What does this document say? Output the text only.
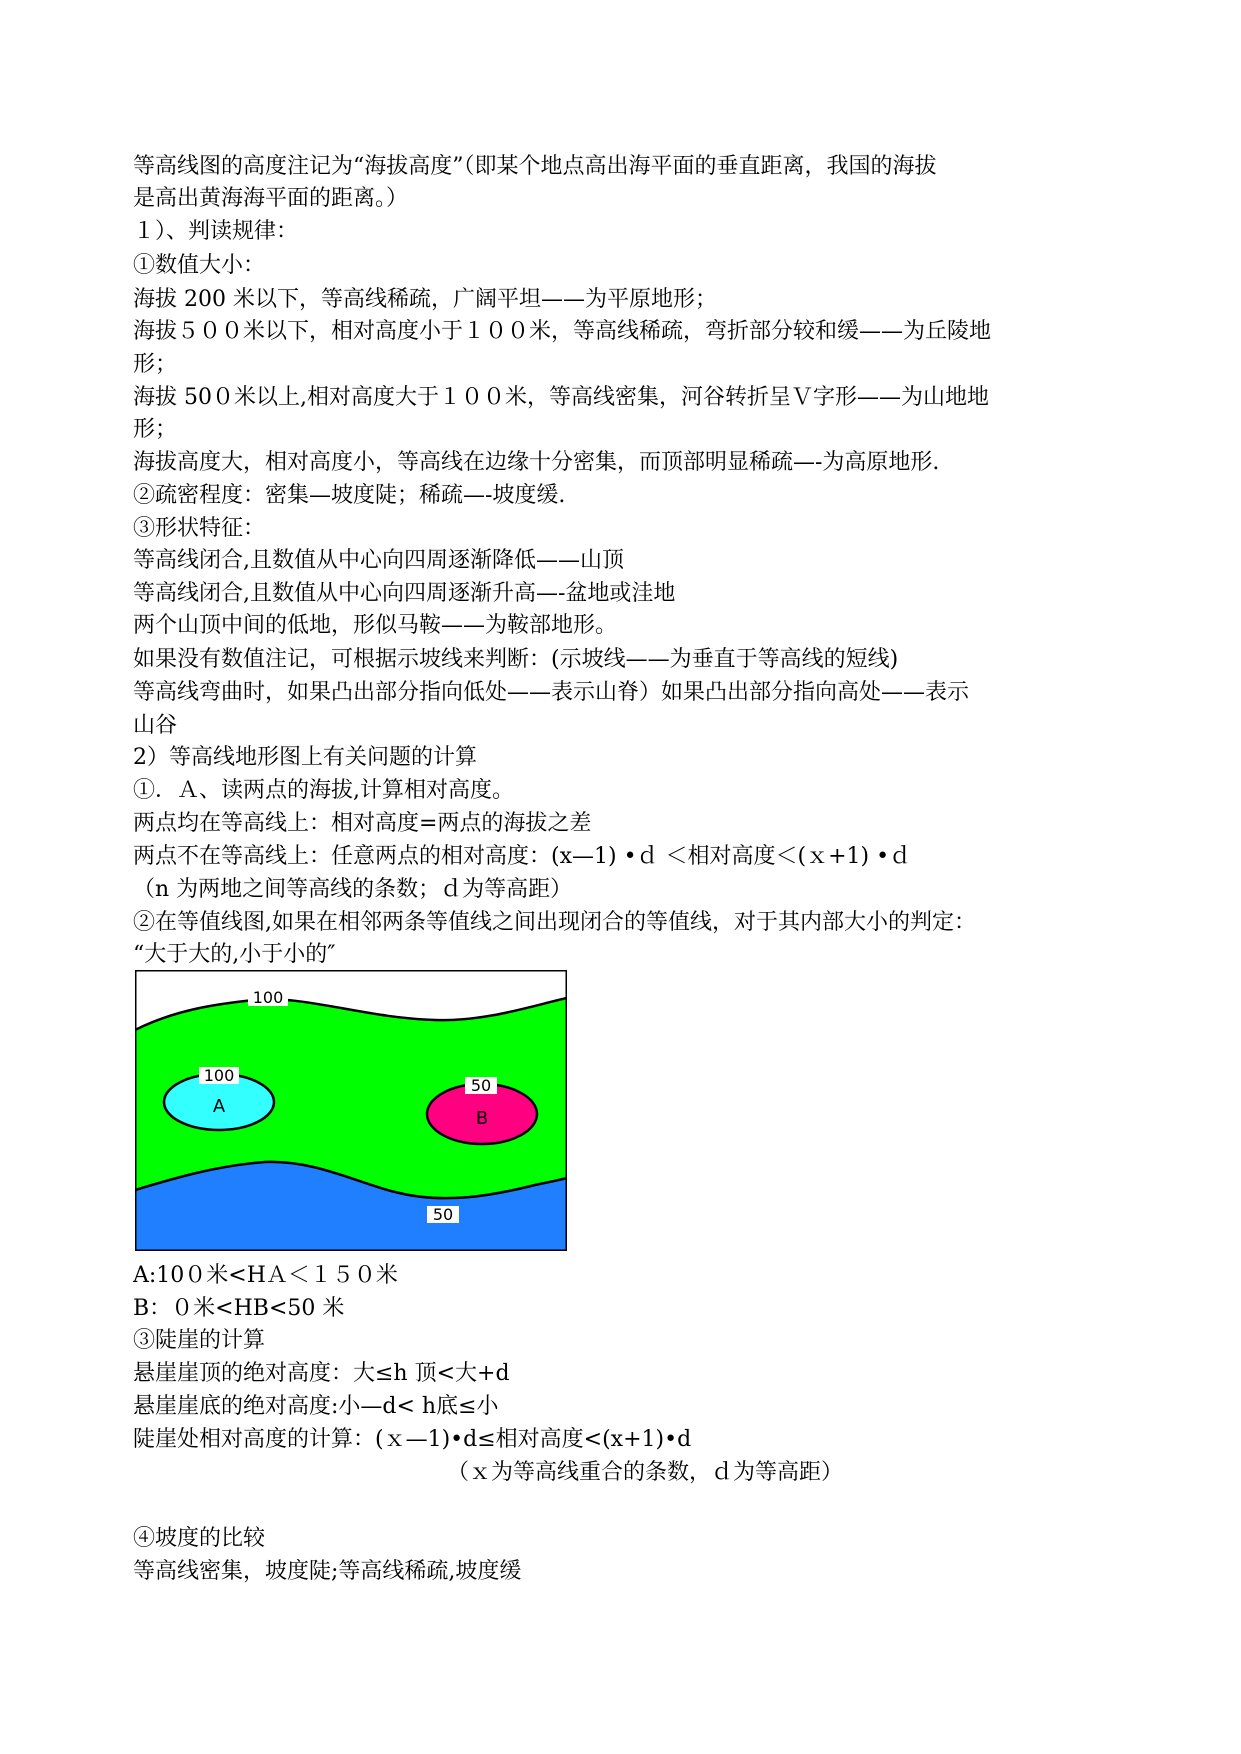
等高线图的高度注记为“海拔高度”（即某个地点高出海平面的垂直距离，我国的海拔
是高出黄海海平面的距离。）
１）、判读规律：
①数值大小：
海拔 200 米以下，等高线稀疏，广阔平坦——为平原地形；
海拔５００米以下，相对高度小于１００米，等高线稀疏，弯折部分较和缓——为丘陵地
形；
海拔 50０米以上,相对高度大于１００米，等高线密集，河谷转折呈Ｖ字形——为山地地
形；
海拔高度大，相对高度小，等高线在边缘十分密集，而顶部明显稀疏—-为高原地形.
②疏密程度：密集—坡度陡；稀疏—-坡度缓.
③形状特征：
等高线闭合,且数值从中心向四周逐渐降低——山顶
等高线闭合,且数值从中心向四周逐渐升高—-盆地或洼地
两个山顶中间的低地，形似马鞍——为鞍部地形。
如果没有数值注记，可根据示坡线来判断：(示坡线——为垂直于等高线的短线)
等高线弯曲时，如果凸出部分指向低处——表示山脊）如果凸出部分指向高处——表示
山谷
2）等高线地形图上有关问题的计算
①．Ａ、读两点的海拔,计算相对高度。
两点均在等高线上：相对高度=两点的海拔之差
两点不在等高线上：任意两点的相对高度：(x—1) •ｄ ＜相对高度＜(ｘ+1) •ｄ
（n 为两地之间等高线的条数；ｄ为等高距）
②在等值线图,如果在相邻两条等值线之间出现闭合的等值线，对于其内部大小的判定：
“大于大的,小于小的″
100
100
A
50
B
50
A:10０米<HＡ＜１５０米
B：０米<HB<50 米
③陡崖的计算
悬崖崖顶的绝对高度：大≤h 顶<大+d
悬崖崖底的绝对高度:小—d< h底≤小
陡崖处相对高度的计算：(ｘ—1)•d≤相对高度<(x+1)•d
（ｘ为等高线重合的条数，ｄ为等高距）
④坡度的比较
等高线密集，坡度陡;等高线稀疏,坡度缓
